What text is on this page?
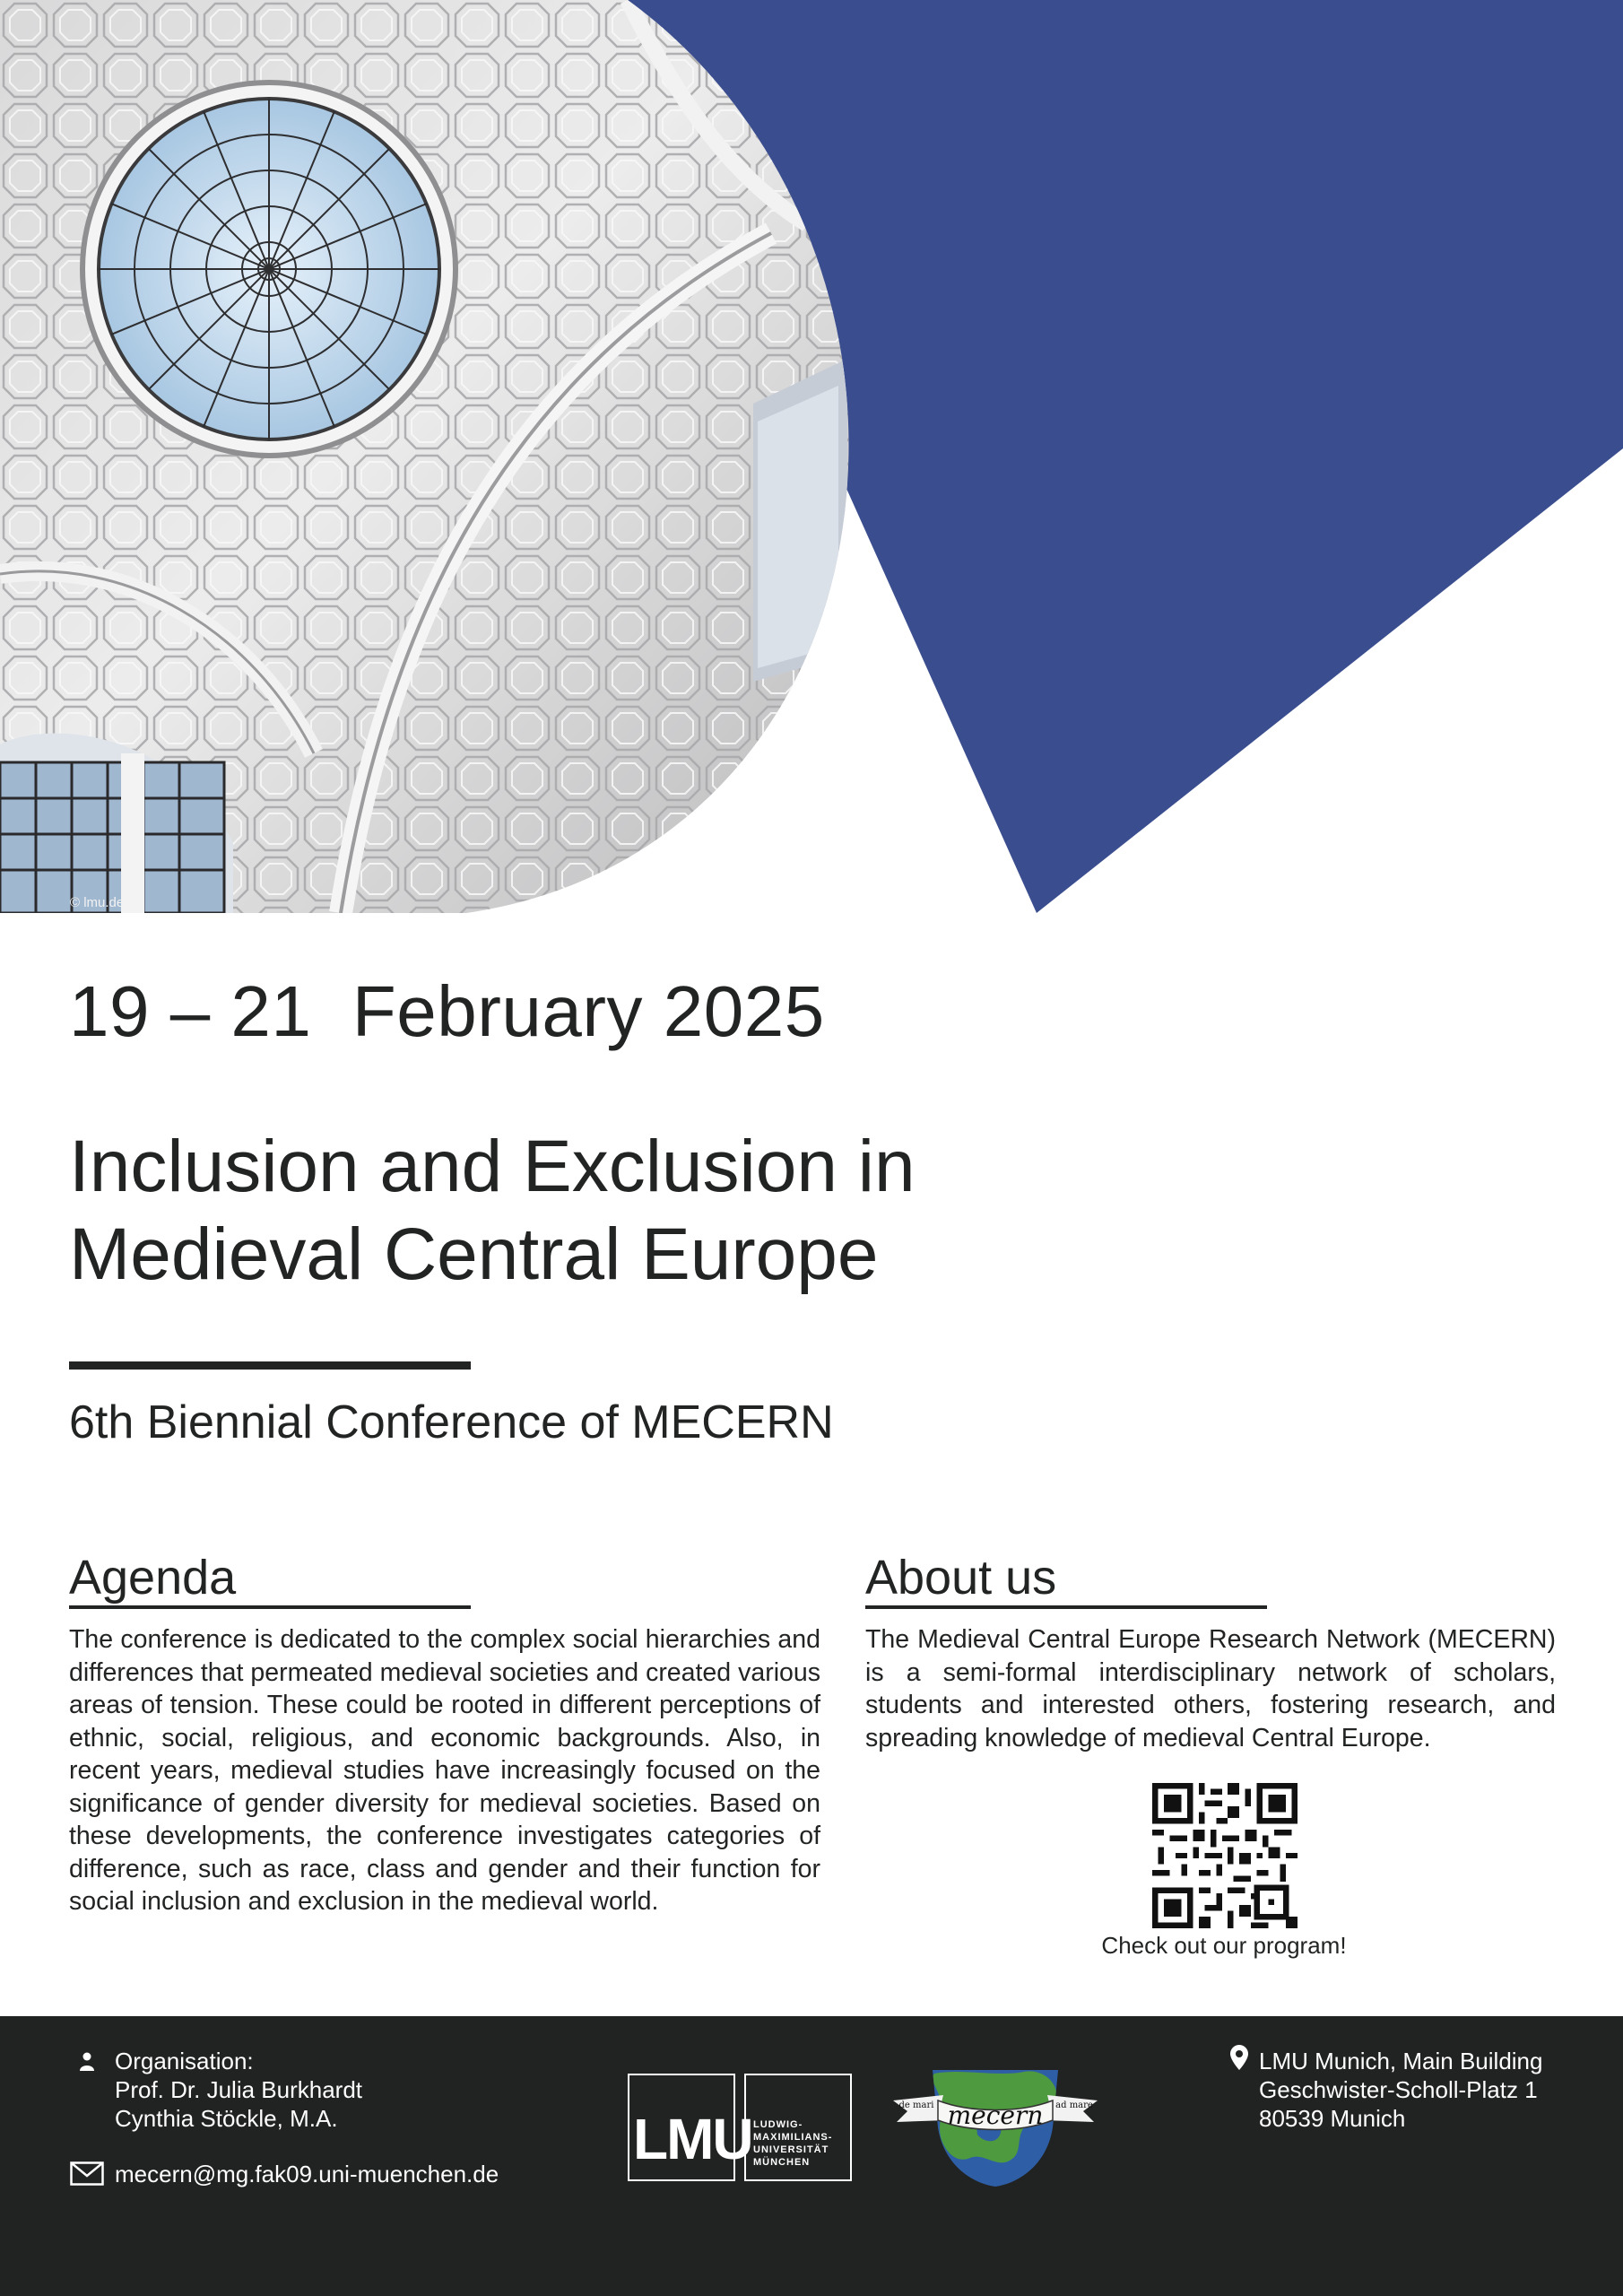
© lmu.de
19 – 21  February 2025
Inclusion and Exclusion in
Medieval Central Europe
6th Biennial Conference of MECERN
Agenda
The conference is dedicated to the complex social hierarchies and differences that permeated medieval societies and created various areas of tension. These could be rooted in different perceptions of ethnic, social, religious, and economic backgrounds. Also, in recent years, medieval studies have increasingly focused on the significance of gender diversity for medieval societies. Based on these developments, the conference investigates categories of difference, such as race, class and gender and their function for social inclusion and exclusion in the medieval world.
About us
The Medieval Central Europe Research Network (MECERN) is a semi-formal interdisciplinary network of scholars, students and interested others, fostering research, and spreading knowledge of medieval Central Europe.
Check out our program!
Organisation:
Prof. Dr. Julia Burkhardt
Cynthia Stöckle, M.A.
mecern@mg.fak09.uni-muenchen.de
LMU LUDWIG-
MAXIMILIANS-
UNIVERSITÄT
MÜNCHEN
mecern
de mari	ad mare
LMU Munich, Main Building
Geschwister-Scholl-Platz 1
80539 Munich
